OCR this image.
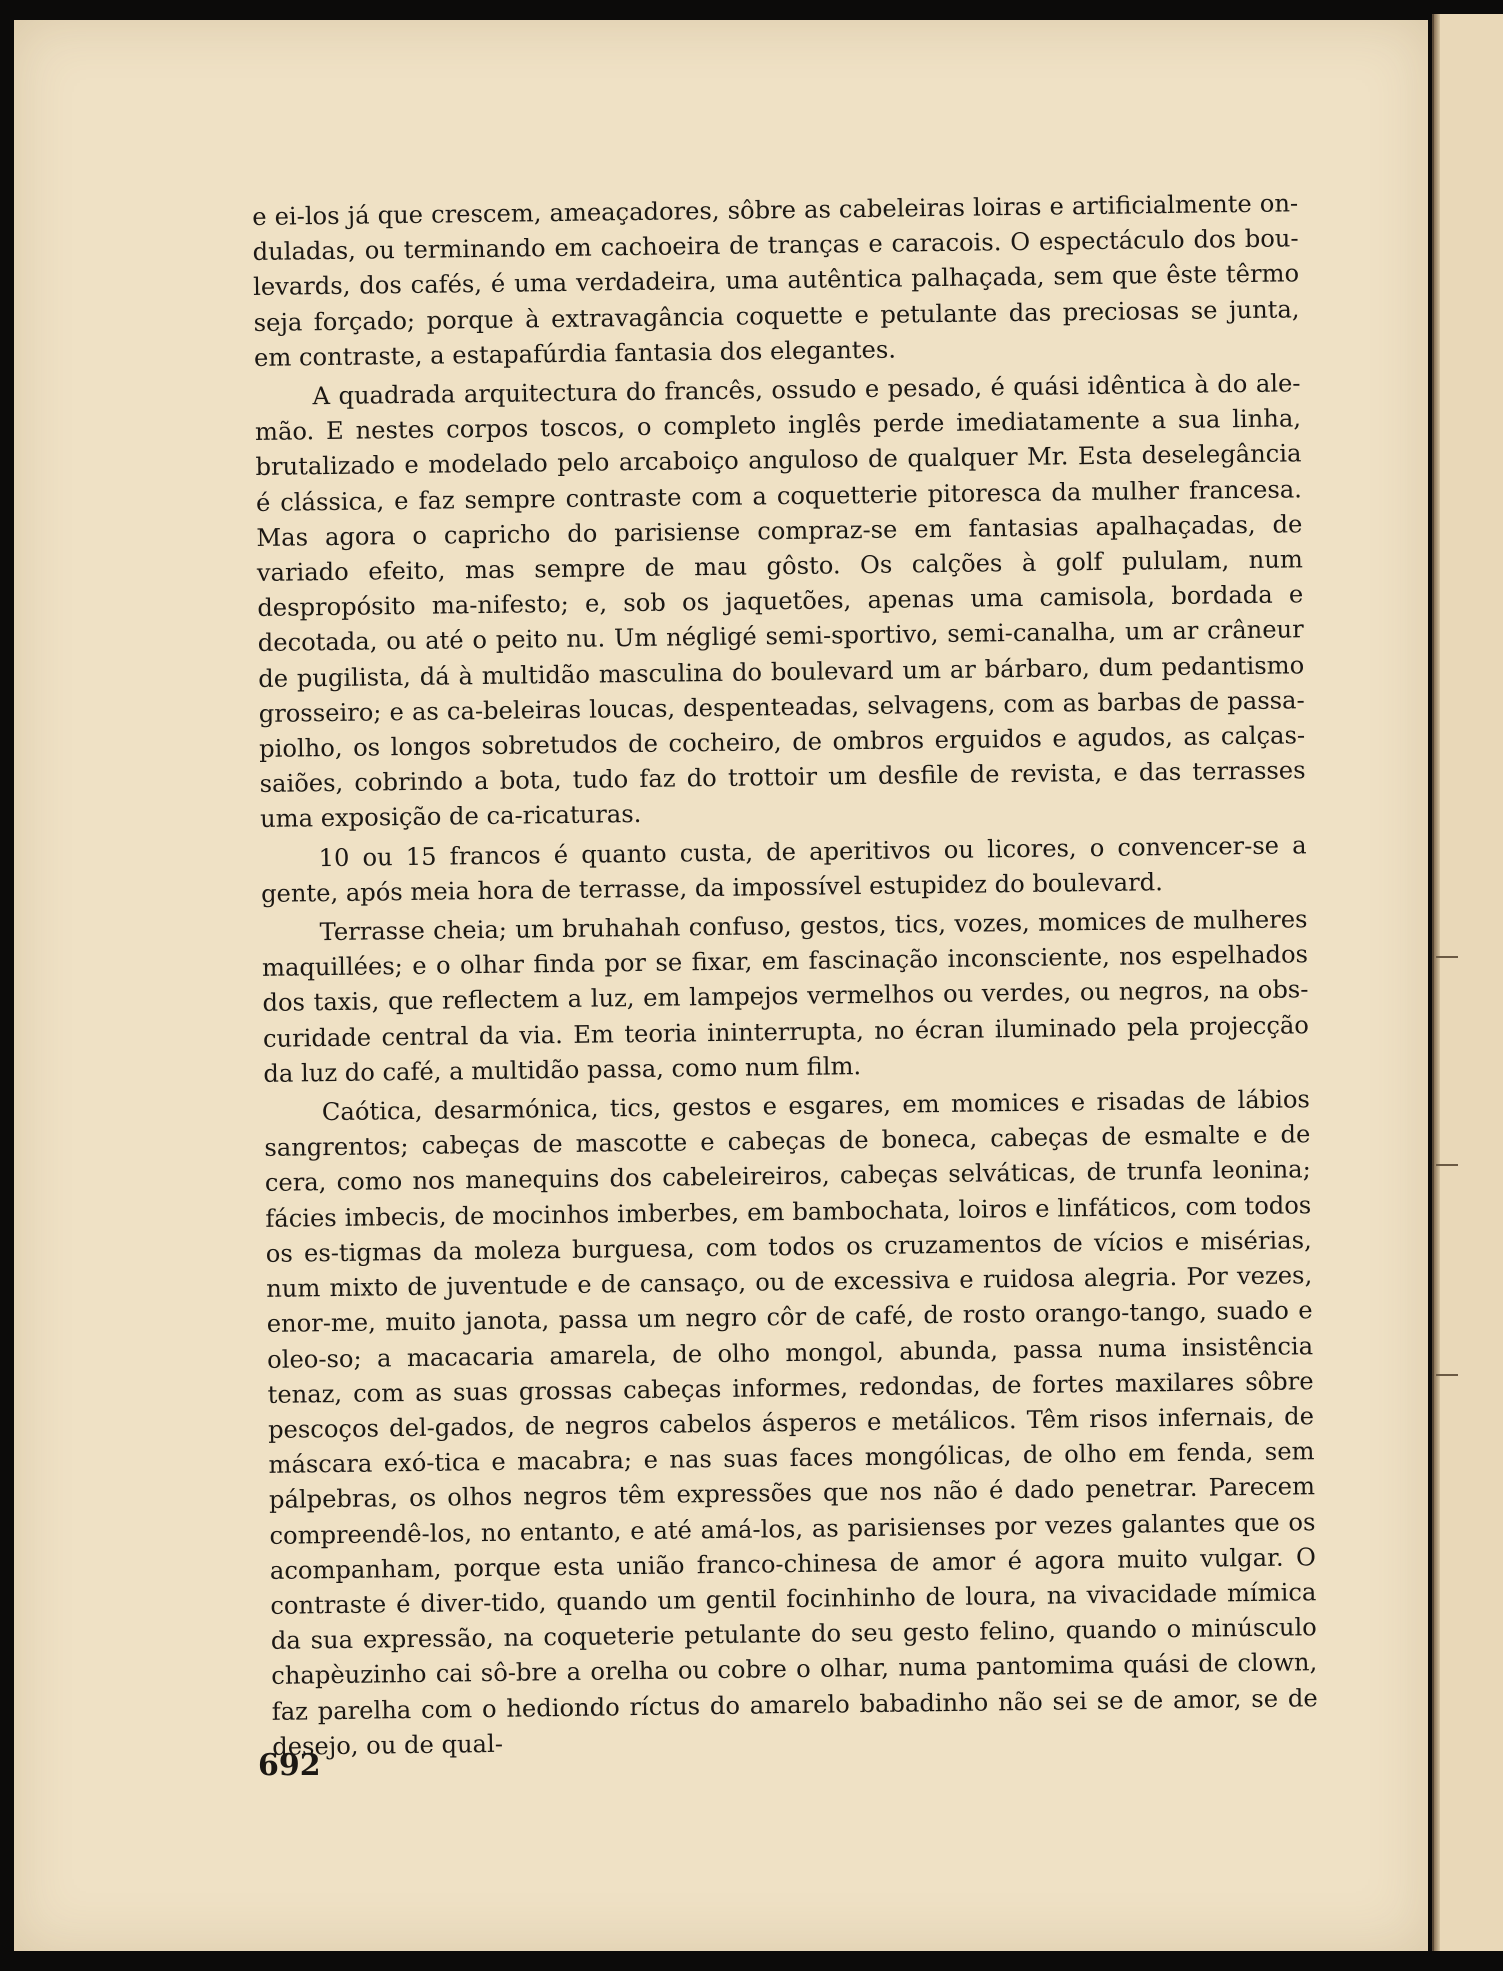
e ei-los já que crescem, ameaçadores, sôbre as cabeleiras loiras e artificialmente on-duladas, ou terminando em cachoeira de tranças e caracois. O espectáculo dos bou-levards, dos cafés, é uma verdadeira, uma autêntica palhaçada, sem que êste têrmo seja forçado; porque à extravagância coquette e petulante das preciosas se junta, em contraste, a estapafúrdia fantasia dos elegantes.

A quadrada arquitectura do francês, ossudo e pesado, é quási idêntica à do ale-mão. E nestes corpos toscos, o completo inglês perde imediatamente a sua linha, brutalizado e modelado pelo arcaboiço anguloso de qualquer Mr. Esta deselegância é clássica, e faz sempre contraste com a coquetterie pitoresca da mulher francesa. Mas agora o capricho do parisiense compraz-se em fantasias apalhaçadas, de variado efeito, mas sempre de mau gôsto. Os calções à golf pululam, num despropósito ma-nifesto; e, sob os jaquetões, apenas uma camisola, bordada e decotada, ou até o peito nu. Um négligé semi-sportivo, semi-canalha, um ar crâneur de pugilista, dá à multidão masculina do boulevard um ar bárbaro, dum pedantismo grosseiro; e as ca-beleiras loucas, despenteadas, selvagens, com as barbas de passa-piolho, os longos sobretudos de cocheiro, de ombros erguidos e agudos, as calças-saiões, cobrindo a bota, tudo faz do trottoir um desfile de revista, e das terrasses uma exposição de ca-ricaturas.

10 ou 15 francos é quanto custa, de aperitivos ou licores, o convencer-se a gente, após meia hora de terrasse, da impossível estupidez do boulevard.

Terrasse cheia; um bruhahah confuso, gestos, tics, vozes, momices de mulheres maquillées; e o olhar finda por se fixar, em fascinação inconsciente, nos espelhados dos taxis, que reflectem a luz, em lampejos vermelhos ou verdes, ou negros, na obs-curidade central da via. Em teoria ininterrupta, no écran iluminado pela projecção da luz do café, a multidão passa, como num film.

Caótica, desarmónica, tics, gestos e esgares, em momices e risadas de lábios sangrentos; cabeças de mascotte e cabeças de boneca, cabeças de esmalte e de cera, como nos manequins dos cabeleireiros, cabeças selváticas, de trunfa leonina; fácies imbecis, de mocinhos imberbes, em bambochata, loiros e linfáticos, com todos os es-tigmas da moleza burguesa, com todos os cruzamentos de vícios e misérias, num mixto de juventude e de cansaço, ou de excessiva e ruidosa alegria. Por vezes, enor-me, muito janota, passa um negro côr de café, de rosto orango-tango, suado e oleo-so; a macacaria amarela, de olho mongol, abunda, passa numa insistência tenaz, com as suas grossas cabeças informes, redondas, de fortes maxilares sôbre pescoços del-gados, de negros cabelos ásperos e metálicos. Têm risos infernais, de máscara exó-tica e macabra; e nas suas faces mongólicas, de olho em fenda, sem pálpebras, os olhos negros têm expressões que nos não é dado penetrar. Parecem compreendê-los, no entanto, e até amá-los, as parisienses por vezes galantes que os acompanham, porque esta união franco-chinesa de amor é agora muito vulgar. O contraste é diver-tido, quando um gentil focinhinho de loura, na vivacidade mímica da sua expressão, na coqueterie petulante do seu gesto felino, quando o minúsculo chapèuzinho cai sô-bre a orelha ou cobre o olhar, numa pantomima quási de clown, faz parelha com o hediondo ríctus do amarelo babadinho não sei se de amor, se de desejo, ou de qual-

692
